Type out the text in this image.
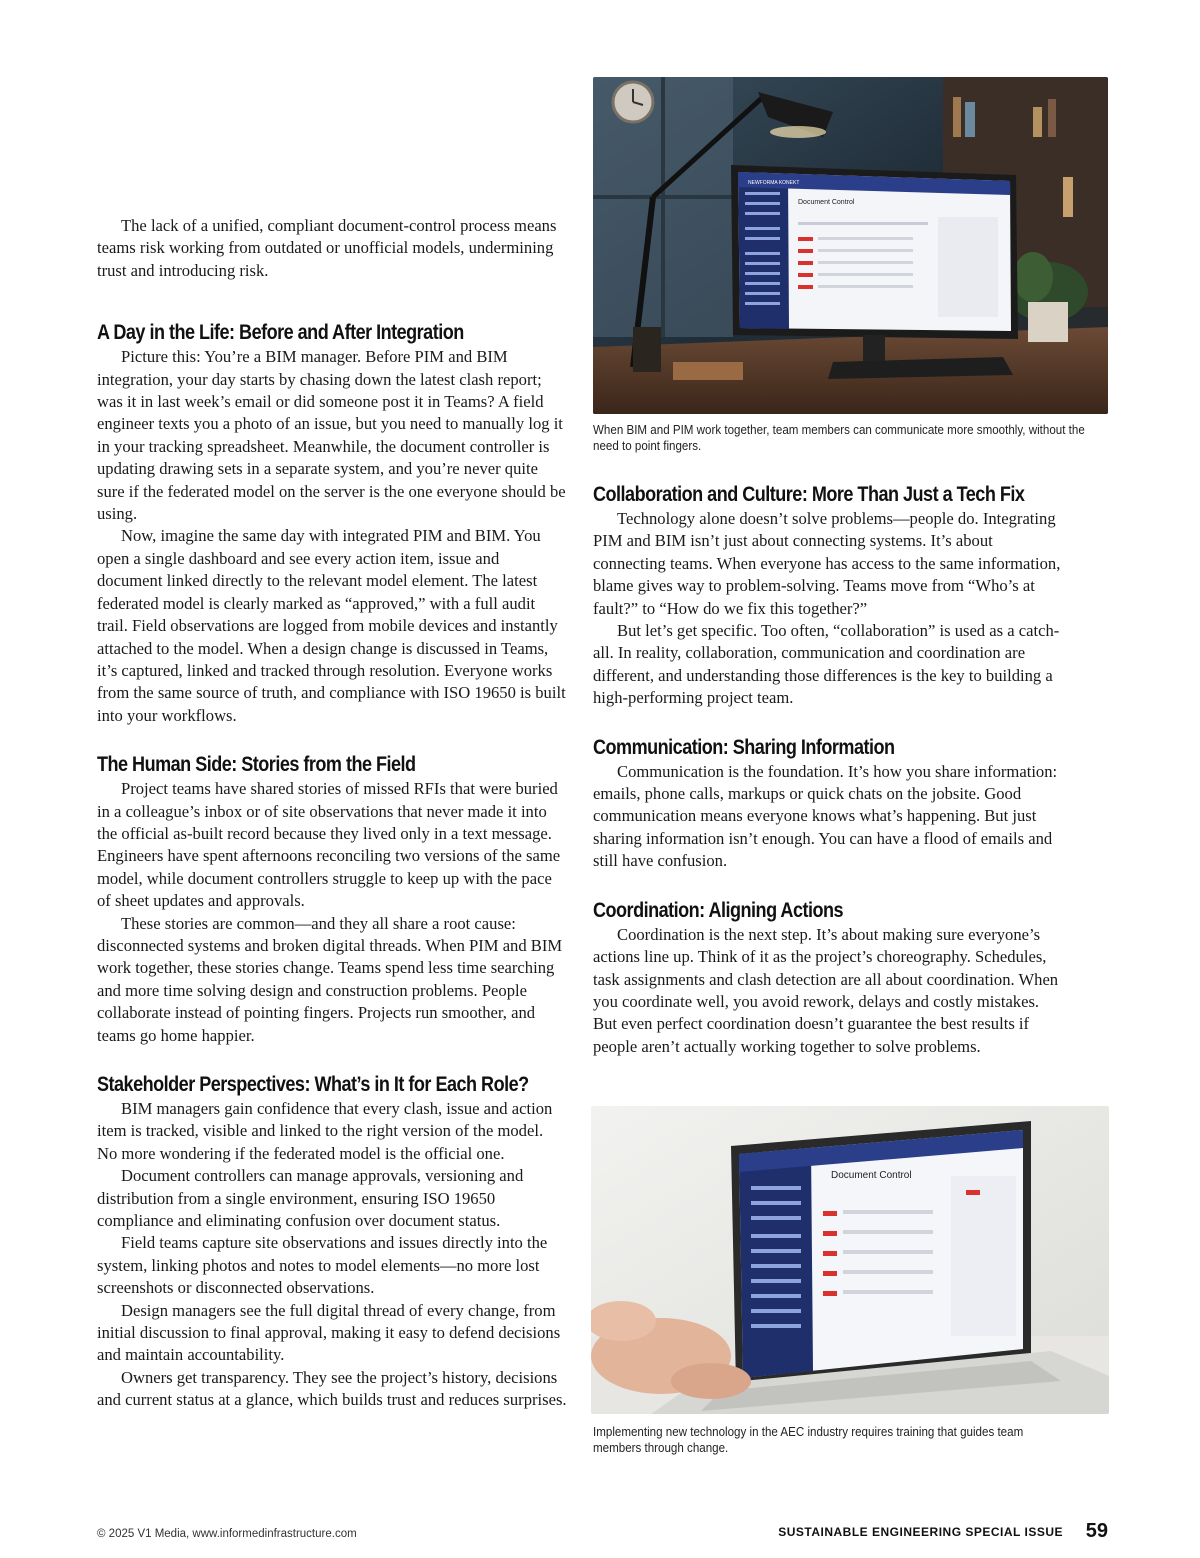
The lack of a unified, compliant document-control process means teams risk working from outdated or unofficial models, undermining trust and introducing risk.

A Day in the Life: Before and After Integration

Picture this: You’re a BIM manager. Before PIM and BIM integration, your day starts by chasing down the latest clash report; was it in last week’s email or did someone post it in Teams? A field engineer texts you a photo of an issue, but you need to manually log it in your tracking spreadsheet. Meanwhile, the document controller is updating drawing sets in a separate system, and you’re never quite sure if the federated model on the server is the one everyone should be using.

Now, imagine the same day with integrated PIM and BIM. You open a single dashboard and see every action item, issue and document linked directly to the relevant model element. The latest federated model is clearly marked as “approved,” with a full audit trail. Field observations are logged from mobile devices and instantly attached to the model. When a design change is discussed in Teams, it’s captured, linked and tracked through resolution. Everyone works from the same source of truth, and compliance with ISO 19650 is built into your workflows.

The Human Side: Stories from the Field

Project teams have shared stories of missed RFIs that were buried in a colleague’s inbox or of site observations that never made it into the official as-built record because they lived only in a text message. Engineers have spent afternoons reconciling two versions of the same model, while document controllers struggle to keep up with the pace of sheet updates and approvals.

These stories are common—and they all share a root cause: disconnected systems and broken digital threads. When PIM and BIM work together, these stories change. Teams spend less time searching and more time solving design and construction problems. People collaborate instead of pointing fingers. Projects run smoother, and teams go home happier.

Stakeholder Perspectives: What’s in It for Each Role?

BIM managers gain confidence that every clash, issue and action item is tracked, visible and linked to the right version of the model. No more wondering if the federated model is the official one.

Document controllers can manage approvals, versioning and distribution from a single environment, ensuring ISO 19650 compliance and eliminating confusion over document status.

Field teams capture site observations and issues directly into the system, linking photos and notes to model elements—no more lost screenshots or disconnected observations.

Design managers see the full digital thread of every change, from initial discussion to final approval, making it easy to defend decisions and maintain accountability.

Owners get transparency. They see the project’s history, decisions and current status at a glance, which builds trust and reduces surprises.

NEWFORMA KONEKT
Document Control
When BIM and PIM work together, team members can communicate more smoothly, without the need to point fingers.
Collaboration and Culture: More Than Just a Tech Fix

Technology alone doesn’t solve problems—people do. Integrating PIM and BIM isn’t just about connecting systems. It’s about connecting teams. When everyone has access to the same information, blame gives way to problem-solving. Teams move from “Who’s at fault?” to “How do we fix this together?”

But let’s get specific. Too often, “collaboration” is used as a catch-all. In reality, collaboration, communication and coordination are different, and understanding those differences is the key to building a high-performing project team.

Communication: Sharing Information

Communication is the foundation. It’s how you share information: emails, phone calls, markups or quick chats on the jobsite. Good communication means everyone knows what’s happening. But just sharing information isn’t enough. You can have a flood of emails and still have confusion.

Coordination: Aligning Actions

Coordination is the next step. It’s about making sure everyone’s actions line up. Think of it as the project’s choreography. Schedules, task assignments and clash detection are all about coordination. When you coordinate well, you avoid rework, delays and costly mistakes. But even perfect coordination doesn’t guarantee the best results if people aren’t actually working together to solve problems.

Document Control
Implementing new technology in the AEC industry requires training that guides team members through change.
© 2025 V1 Media, www.informedinfrastructure.com	SUSTAINABLE ENGINEERING SPECIAL ISSUE 59
